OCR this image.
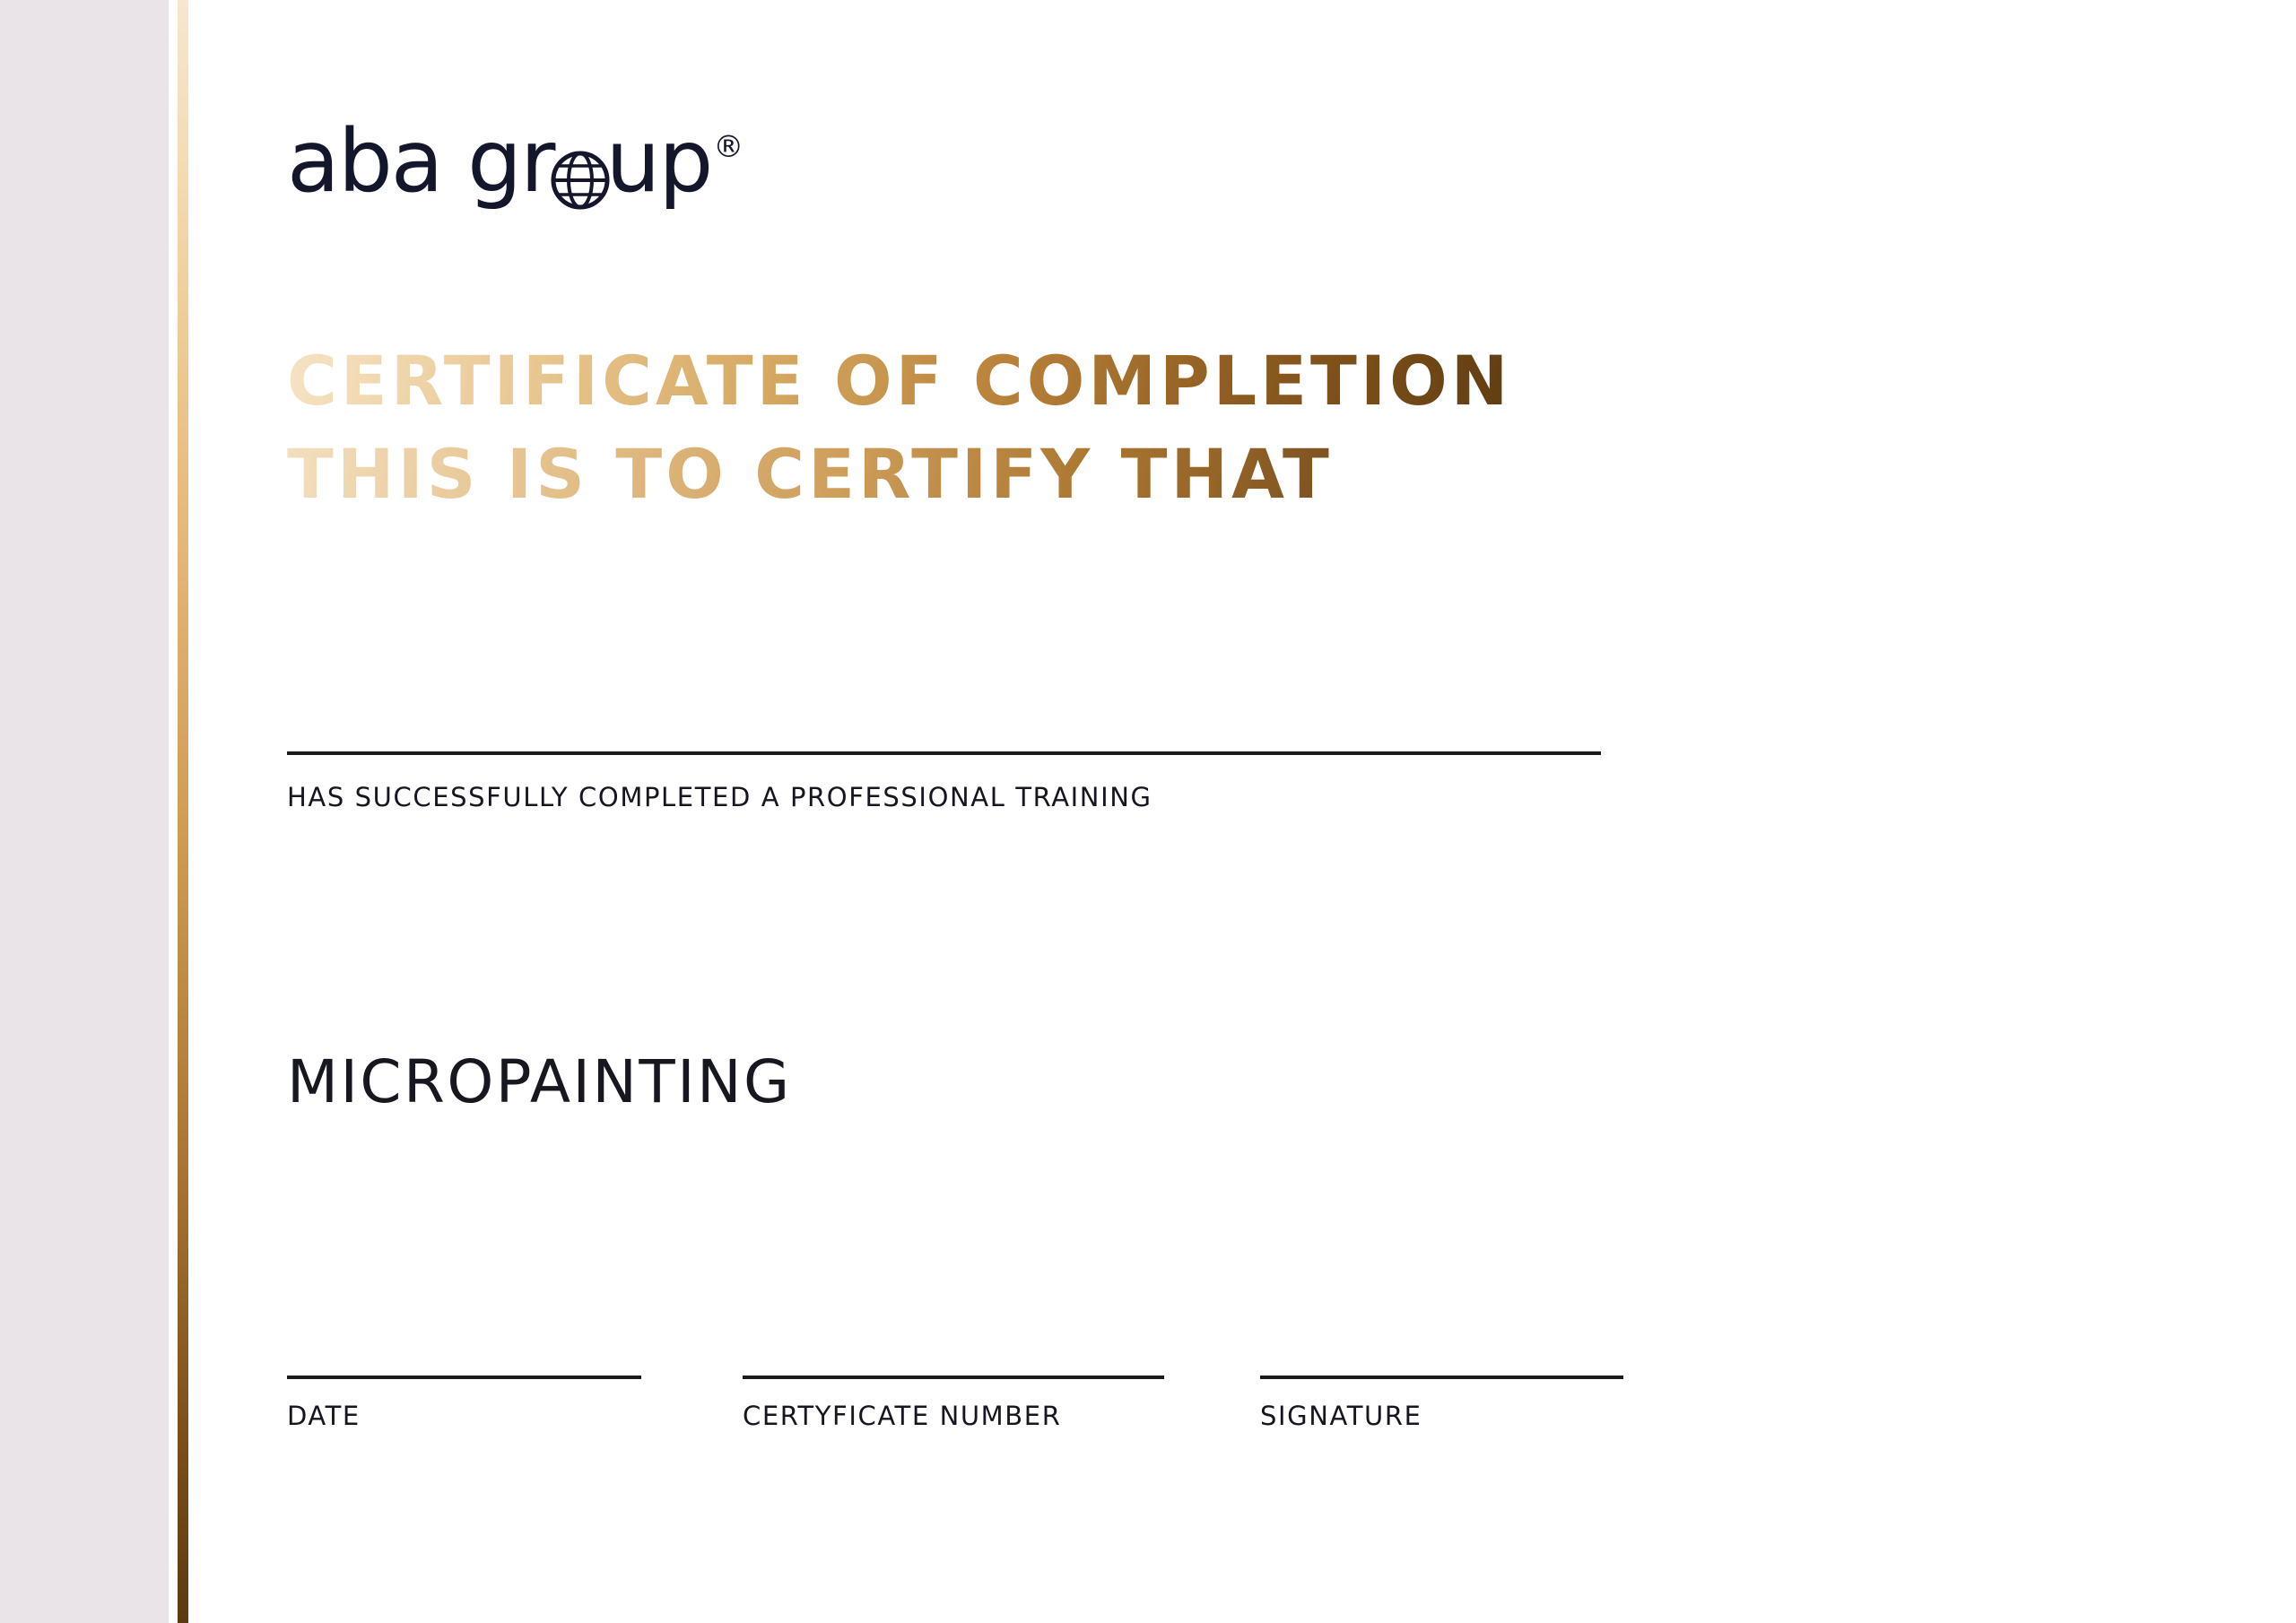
aba gr up ®
CERTIFICATE OF COMPLETION
THIS IS TO CERTIFY THAT
HAS SUCCESSFULLY COMPLETED A PROFESSIONAL TRAINING
MICROPAINTING
DATE	CERTYFICATE NUMBER	SIGNATURE
